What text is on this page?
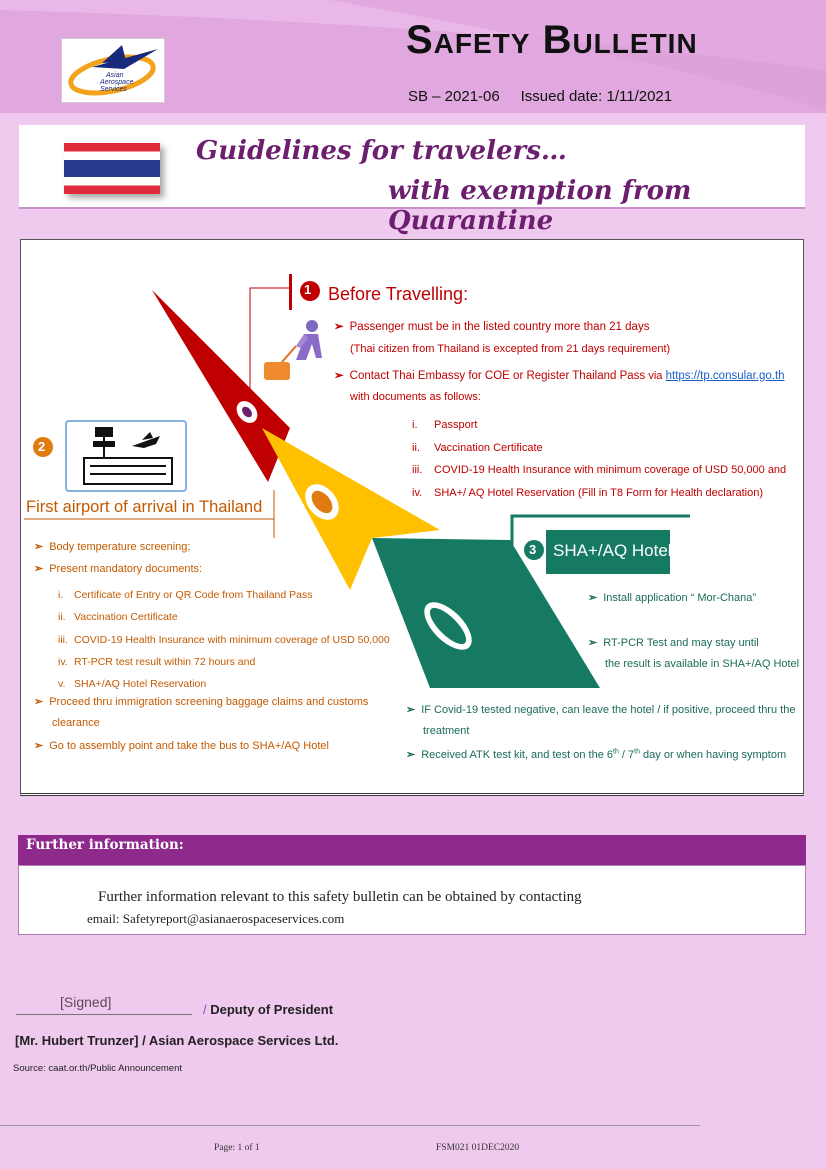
Asian
Aerospace
Services
Safety Bulletin
SB – 2021-06 Issued date: 1/11/2021
Guidelines for travelers…
with exemption from Quarantine
1 Before Travelling:
➢ Passenger must be in the listed country more than 21 days
(Thai citizen from Thailand is excepted from 21 days requirement)
➢ Contact Thai Embassy for COE or Register Thailand Pass via https://tp.consular.go.th
with documents as follows:
i. Passport
ii. Vaccination Certificate
iii. COVID-19 Health Insurance with minimum coverage of USD 50,000 and
iv. SHA+/ AQ Hotel Reservation (Fill in T8 Form for Health declaration)
2
First airport of arrival in Thailand
➢ Body temperature screening;
➢ Present mandatory documents:
i. Certificate of Entry or QR Code from Thailand Pass
ii. Vaccination Certificate
iii. COVID-19 Health Insurance with minimum coverage of USD 50,000
iv. RT-PCR test result within 72 hours and
v. SHA+/AQ Hotel Reservation
➢ Proceed thru immigration screening baggage claims and customs
clearance
➢ Go to assembly point and take the bus to SHA+/AQ Hotel
3 SHA+/AQ Hotel
➢ Install application “ Mor-Chana”
➢ RT-PCR Test and may stay until
the result is available in SHA+/AQ Hotel
➢ IF Covid-19 tested negative, can leave the hotel / if positive, proceed thru the
treatment
➢ Received ATK test kit, and test on the 6th / 7th day or when having symptom
Further information:
Further information relevant to this safety bulletin can be obtained by contacting
email: Safetyreport@asianaerospaceservices.com
[Signed]	/ Deputy of President
[Mr. Hubert Trunzer] / Asian Aerospace Services Ltd.
Source: caat.or.th/Public Announcement
Page: 1 of 1	FSM021 01DEC2020
